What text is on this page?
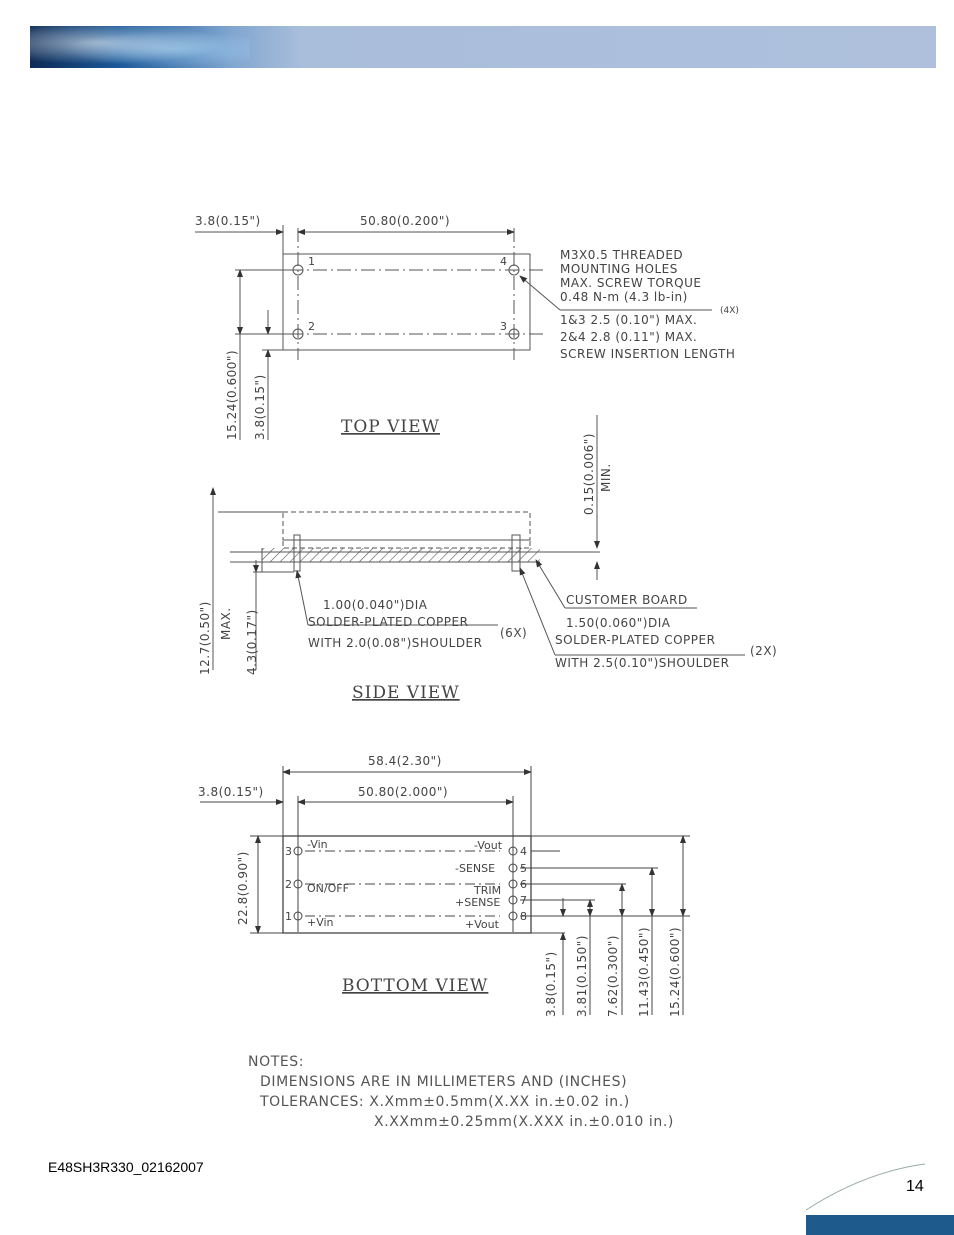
3.8(0.15")	50.80(0.200")
1	4
2	3
15.24(0.600") 3.8(0.15")
M3X0.5 THREADED
MOUNTING HOLES
MAX. SCREW TORQUE
0.48 N-m (4.3 lb-in)
(4X)
1&3 2.5 (0.10") MAX.
2&4 2.8 (0.11") MAX.
SCREW INSERTION LENGTH
TOP VIEW
0.15(0.006") MIN.
12.7(0.50") MAX. 4.3(0.17")
CUSTOMER BOARD
1.00(0.040")DIA
SOLDER-PLATED COPPER
WITH 2.0(0.08")SHOULDER
(6X)
1.50(0.060")DIA
SOLDER-PLATED COPPER
WITH 2.5(0.10")SHOULDER
(2X)
SIDE VIEW
58.4(2.30")
3.8(0.15")	50.80(2.000")
22.8(0.90")	3
-Vin
2 ON/OFF
1 +Vin
4
-Vout
5
-SENSE
6
TRIM
7
+SENSE
8
+Vout
3.8(0.15") 3.81(0.150") 7.62(0.300") 11.43(0.450") 15.24(0.600")
BOTTOM VIEW
NOTES:
DIMENSIONS ARE IN MILLIMETERS AND (INCHES)
TOLERANCES: X.Xmm±0.5mm(X.XX in.±0.02 in.)
X.XXmm±0.25mm(X.XXX in.±0.010 in.)
E48SH3R330_02162007
14
